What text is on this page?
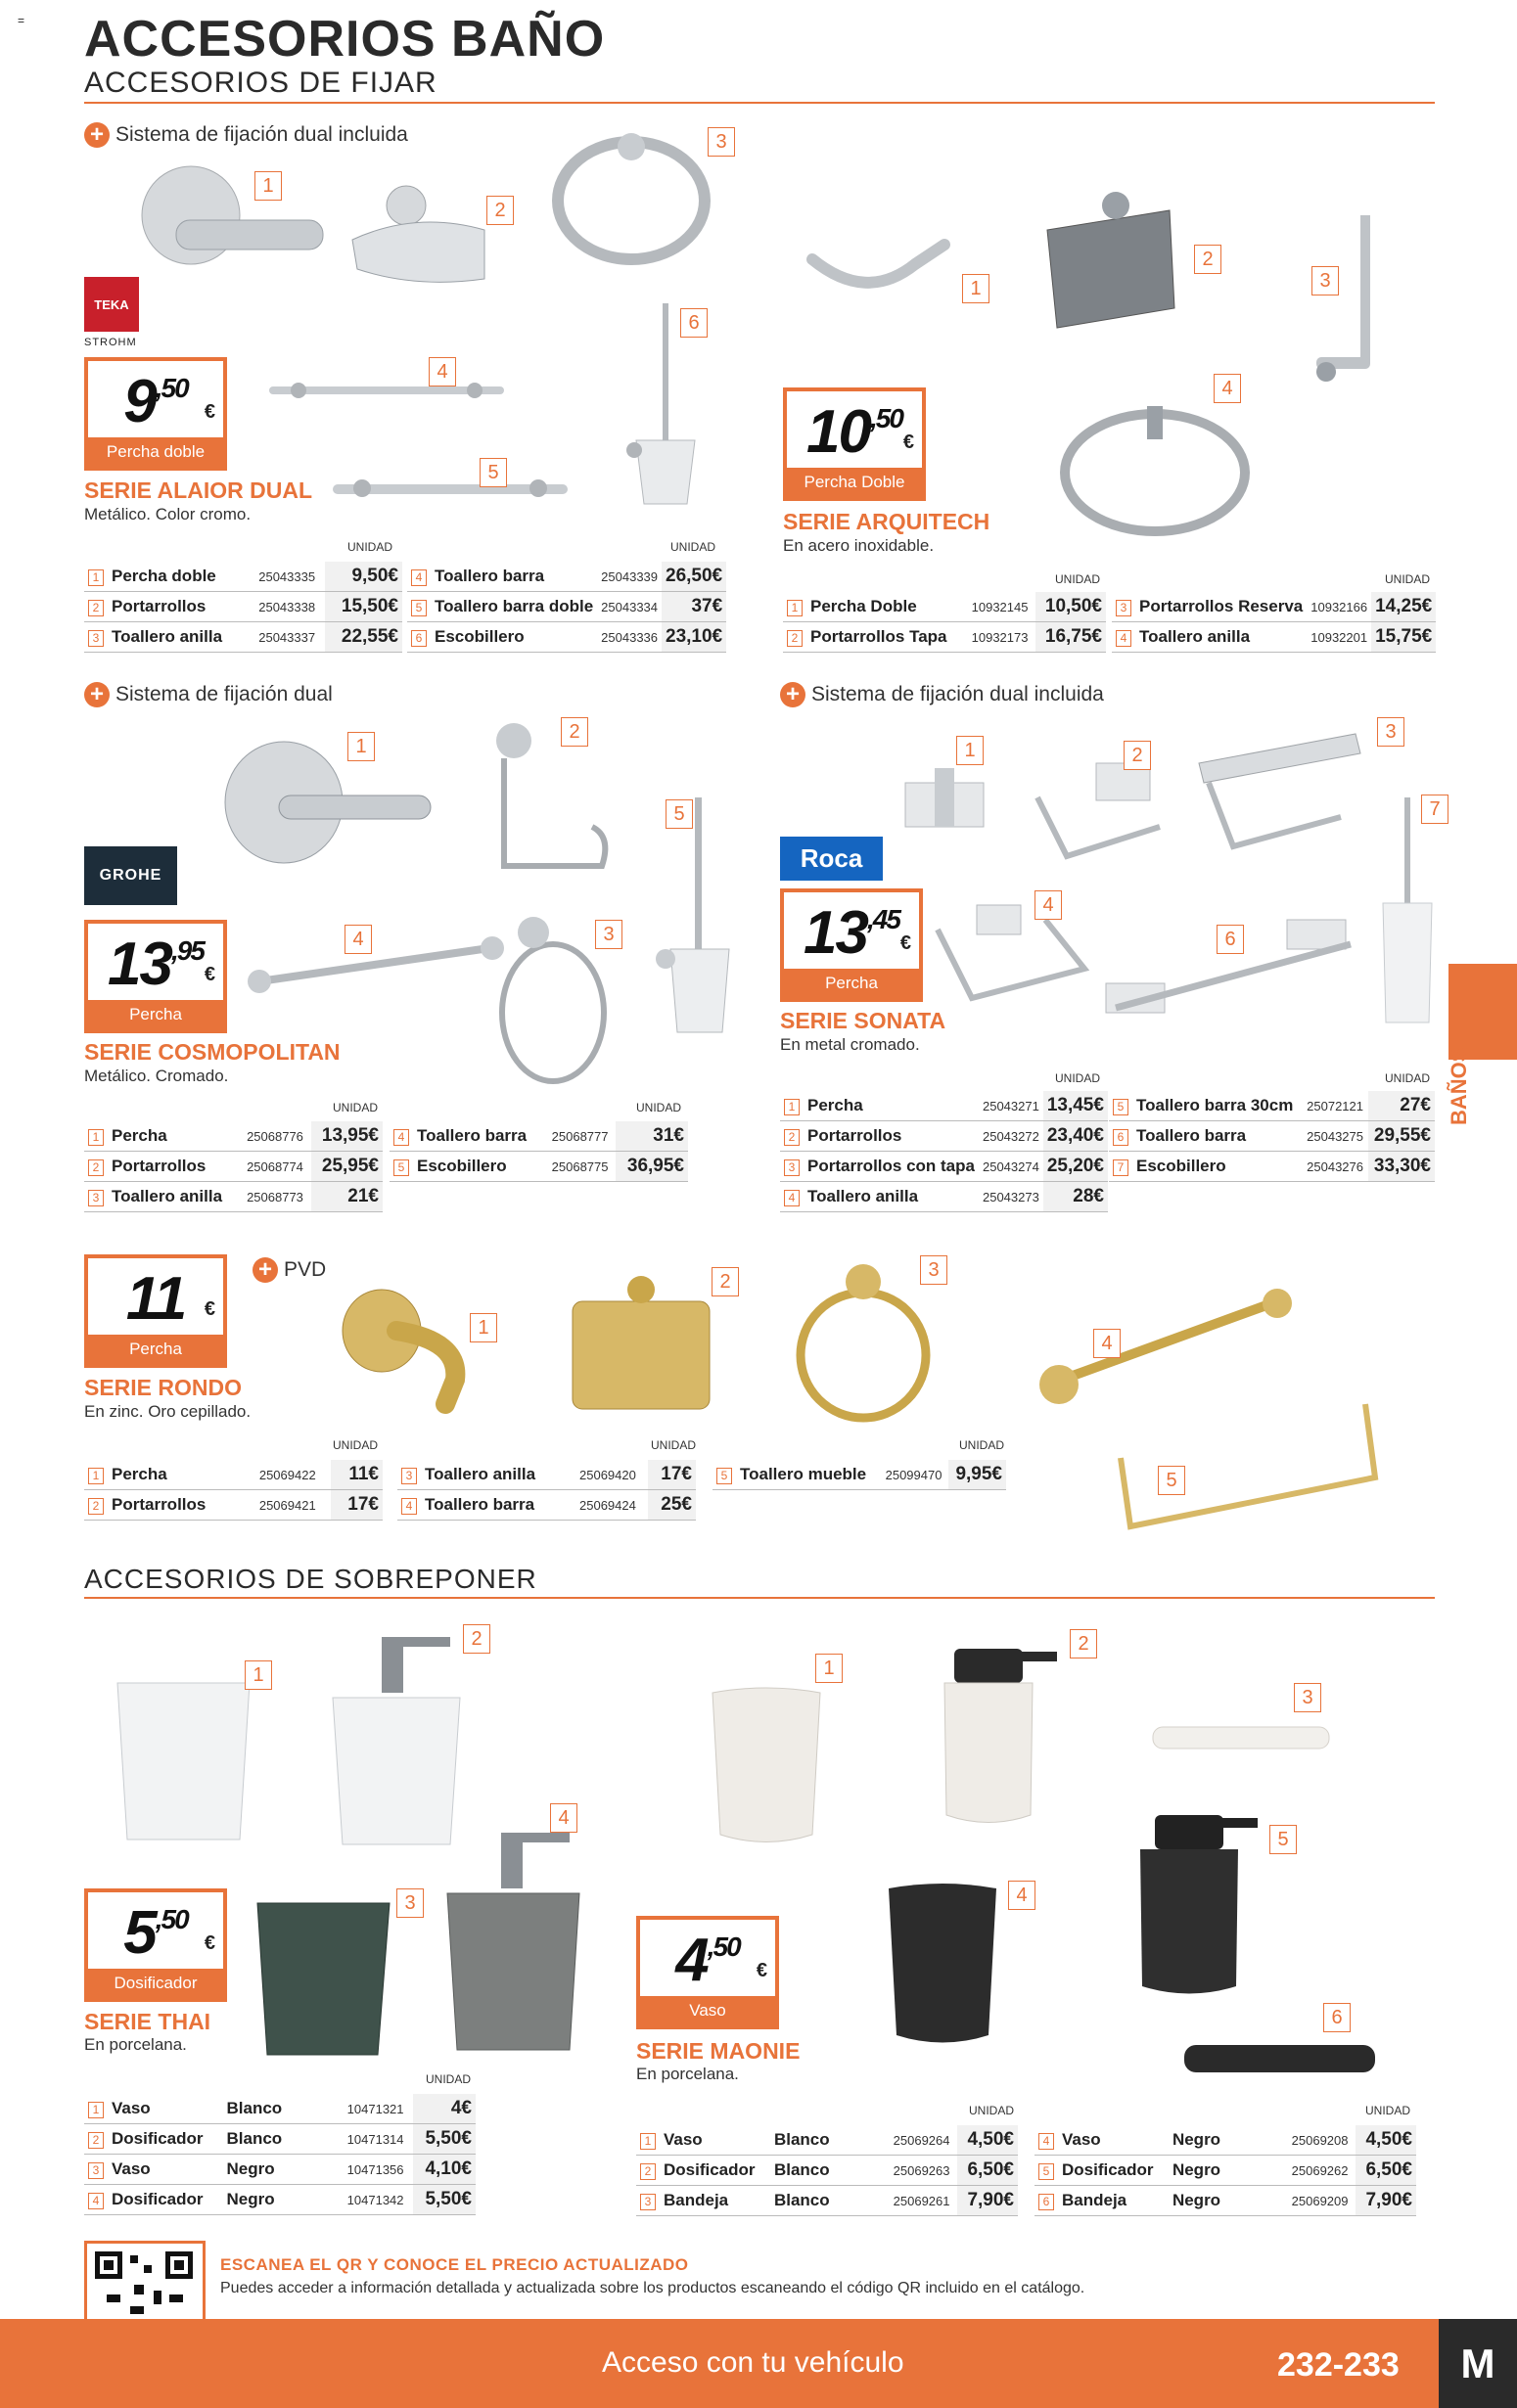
= ACCESORIOS BAÑO
ACCESORIOS DE FIJAR
+ Sistema de fijación dual incluida
1
2
3
4
5
6
TEKA
STROHM
$9^{,50}$
€
Percha doble
SERIE ALAIOR DUAL
Metálico. Color cromo.
UNIDAD	UNIDAD
1	Percha doble	25043335	9,50€
2	Portarrollos	25043338	15,50€
3	Toallero anilla	25043337	22,55€
4	Toallero barra	25043339	26,50€
5	Toallero barra doble	25043334	37€
6	Escobillero	25043336	23,10€
1
2
3
4
$10^{,50}$
€
Percha Doble
SERIE ARQUITECH
En acero inoxidable.
UNIDAD	UNIDAD
1	Percha Doble	10932145	10,50€
2	Portarrollos Tapa	10932173	16,75€
3	Portarrollos Reserva	10932166	14,25€
4	Toallero anilla	10932201	15,75€
+ Sistema de fijación dual
1
2
3
4
5
GROHE
$13^{,95}$
€
Percha
SERIE COSMOPOLITAN
Metálico. Cromado.
UNIDAD	UNIDAD
1	Percha	25068776	13,95€
2	Portarrollos	25068774	25,95€
3	Toallero anilla	25068773	21€
4	Toallero barra	25068777	31€
5	Escobillero	25068775	36,95€
+ Sistema de fijación dual incluida
1	2
3
4
6
7
Roca
$13^{,45}$
€
Percha
SERIE SONATA
En metal cromado.
UNIDAD	UNIDAD
1	Percha	25043271	13,45€
2	Portarrollos	25043272	23,40€
3	Portarrollos con tapa	25043274	25,20€
4	Toallero anilla	25043273	28€
5	Toallero barra 30cm	25072121	27€
6	Toallero barra	25043275	29,55€
7	Escobillero	25043276	33,30€
BAÑOS
11 €
Percha
+ PVD
SERIE RONDO
En zinc. Oro cepillado.
1
2
3
4
5
UNIDAD	UNIDAD	UNIDAD
1	Percha	25069422	11€
2	Portarrollos	25069421	17€
3	Toallero anilla	25069420	17€
4	Toallero barra	25069424	25€
5	Toallero mueble	25099470	9,95€
ACCESORIOS DE SOBREPONER
1
2
3
4
$5^{,50}$
€
Dosificador
SERIE THAI
En porcelana.
UNIDAD
1	Vaso	Blanco	10471321	4€
2	Dosificador	Blanco	10471314	5,50€
3	Vaso	Negro	10471356	4,10€
4	Dosificador	Negro	10471342	5,50€
1
2
3
4
5
6
$4^{,50}$
€
Vaso
SERIE MAONIE
En porcelana.
UNIDAD	UNIDAD
1	Vaso	Blanco	25069264	4,50€
2	Dosificador	Blanco	25069263	6,50€
3	Bandeja	Blanco	25069261	7,90€
4	Vaso	Negro	25069208	4,50€
5	Dosificador	Negro	25069262	6,50€
6	Bandeja	Negro	25069209	7,90€
ESCANEA EL QR Y CONOCE EL PRECIO ACTUALIZADO
Puedes acceder a información detallada y actualizada sobre los productos escaneando el código QR incluido en el catálogo.
Acceso con tu vehículo	232-233	M
